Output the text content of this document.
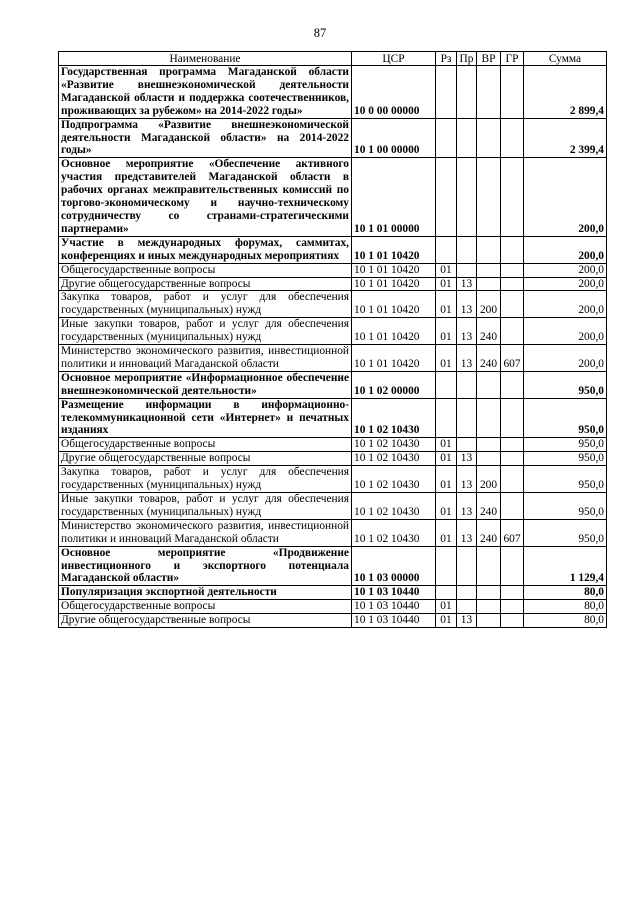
87
Наименование	ЦСР	Рз	Пр	ВР	ГР	Сумма
Государственная программа Магаданской области «Развитие внешнеэкономической деятельности Магаданской области и поддержка соотечественников, проживающих за рубежом» на 2014-2022 годы»	10 0 00 00000					2 899,4
Подпрограмма «Развитие внешнеэкономической деятельности Магаданской области» на 2014-2022 годы»	10 1 00 00000					2 399,4
Основное мероприятие «Обеспечение активного участия представителей Магаданской области в рабочих органах межправительственных комиссий по торгово-экономическому и научно-техническому сотрудничеству со странами-стратегическими партнерами»	10 1 01 00000					200,0
Участие в международных форумах, саммитах, конференциях и иных международных мероприятиях	10 1 01 10420					200,0
Общегосударственные вопросы	10 1 01 10420	01				200,0
Другие общегосударственные вопросы	10 1 01 10420	01	13			200,0
Закупка товаров, работ и услуг для обеспечения государственных (муниципальных) нужд	10 1 01 10420	01	13	200		200,0
Иные закупки товаров, работ и услуг для обеспечения государственных (муниципальных) нужд	10 1 01 10420	01	13	240		200,0
Министерство экономического развития, инвестиционной политики и инноваций Магаданской области	10 1 01 10420	01	13	240	607	200,0
Основное мероприятие «Информационное обеспечение внешнеэкономической деятельности»	10 1 02 00000					950,0
Размещение информации в информационно-телекоммуникационной сети «Интернет» и печатных изданиях	10 1 02 10430					950,0
Общегосударственные вопросы	10 1 02 10430	01				950,0
Другие общегосударственные вопросы	10 1 02 10430	01	13			950,0
Закупка товаров, работ и услуг для обеспечения государственных (муниципальных) нужд	10 1 02 10430	01	13	200		950,0
Иные закупки товаров, работ и услуг для обеспечения государственных (муниципальных) нужд	10 1 02 10430	01	13	240		950,0
Министерство экономического развития, инвестиционной политики и инноваций Магаданской области	10 1 02 10430	01	13	240	607	950,0
Основное мероприятие «Продвижение инвестиционного и экспортного потенциала Магаданской области»	10 1 03 00000					1 129,4
Популяризация экспортной деятельности	10 1 03 10440					80,0
Общегосударственные вопросы	10 1 03 10440	01				80,0
Другие общегосударственные вопросы	10 1 03 10440	01	13			80,0
